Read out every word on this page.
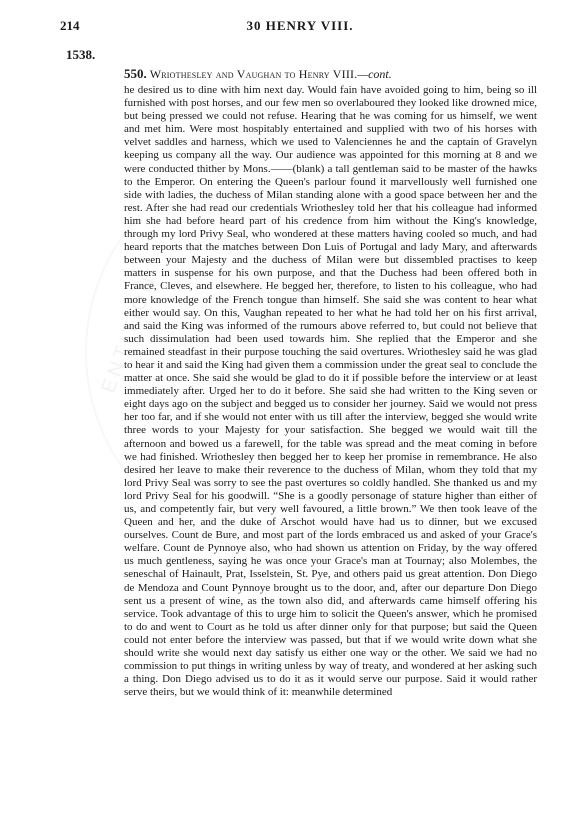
ENTITION	LIBRARY
214	30 HENRY VIII.
1538.
550. Wriothesley and Vaughan to Henry VIII.—cont.
he desired us to dine with him next day. Would fain have avoided going to him, being so ill furnished with post horses, and our few men so overlaboured they looked like drowned mice, but being pressed we could not refuse. Hearing that he was coming for us himself, we went and met him. Were most hospitably entertained and supplied with two of his horses with velvet saddles and harness, which we used to Valenciennes he and the captain of Gravelyn keeping us company all the way. Our audience was appointed for this morning at 8 and we were conducted thither by Mons.——(blank) a tall gentleman said to be master of the hawks to the Emperor. On entering the Queen's parlour found it marvellously well furnished one side with ladies, the duchess of Milan standing alone with a good space between her and the rest. After she had read our credentials Wriothesley told her that his colleague had informed him she had before heard part of his credence from him without the King's knowledge, through my lord Privy Seal, who wondered at these matters having cooled so much, and had heard reports that the matches between Don Luis of Portugal and lady Mary, and afterwards between your Majesty and the duchess of Milan were but dissembled practises to keep matters in suspense for his own purpose, and that the Duchess had been offered both in France, Cleves, and elsewhere. He begged her, therefore, to listen to his colleague, who had more knowledge of the French tongue than himself. She said she was content to hear what either would say. On this, Vaughan repeated to her what he had told her on his first arrival, and said the King was informed of the rumours above referred to, but could not believe that such dissimulation had been used towards him. She replied that the Emperor and she remained steadfast in their purpose touching the said overtures. Wriothesley said he was glad to hear it and said the King had given them a commission under the great seal to conclude the matter at once. She said she would be glad to do it if possible before the interview or at least immediately after. Urged her to do it before. She said she had written to the King seven or eight days ago on the subject and begged us to consider her journey. Said we would not press her too far, and if she would not enter with us till after the interview, begged she would write three words to your Majesty for your satisfaction. She begged we would wait till the afternoon and bowed us a farewell, for the table was spread and the meat coming in before we had finished. Wriothesley then begged her to keep her promise in remembrance. He also desired her leave to make their reverence to the duchess of Milan, whom they told that my lord Privy Seal was sorry to see the past overtures so coldly handled. She thanked us and my lord Privy Seal for his goodwill. “She is a goodly personage of stature higher than either of us, and competently fair, but very well favoured, a little brown.” We then took leave of the Queen and her, and the duke of Arschot would have had us to dinner, but we excused ourselves. Count de Bure, and most part of the lords embraced us and asked of your Grace's welfare. Count de Pynnoye also, who had shown us attention on Friday, by the way offered us much gentleness, saying he was once your Grace's man at Tournay; also Molembes, the seneschal of Hainault, Prat, Isselstein, St. Pye, and others paid us great attention. Don Diego de Mendoza and Count Pynnoye brought us to the door, and, after our departure Don Diego sent us a present of wine, as the town also did, and afterwards came himself offering his service. Took advantage of this to urge him to solicit the Queen's answer, which he promised to do and went to Court as he told us after dinner only for that purpose; but said the Queen could not enter before the interview was passed, but that if we would write down what she should write she would next day satisfy us either one way or the other. We said we had no commission to put things in writing unless by way of treaty, and wondered at her asking such a thing. Don Diego advised us to do it as it would serve our purpose. Said it would rather serve theirs, but we would think of it: meanwhile determined
